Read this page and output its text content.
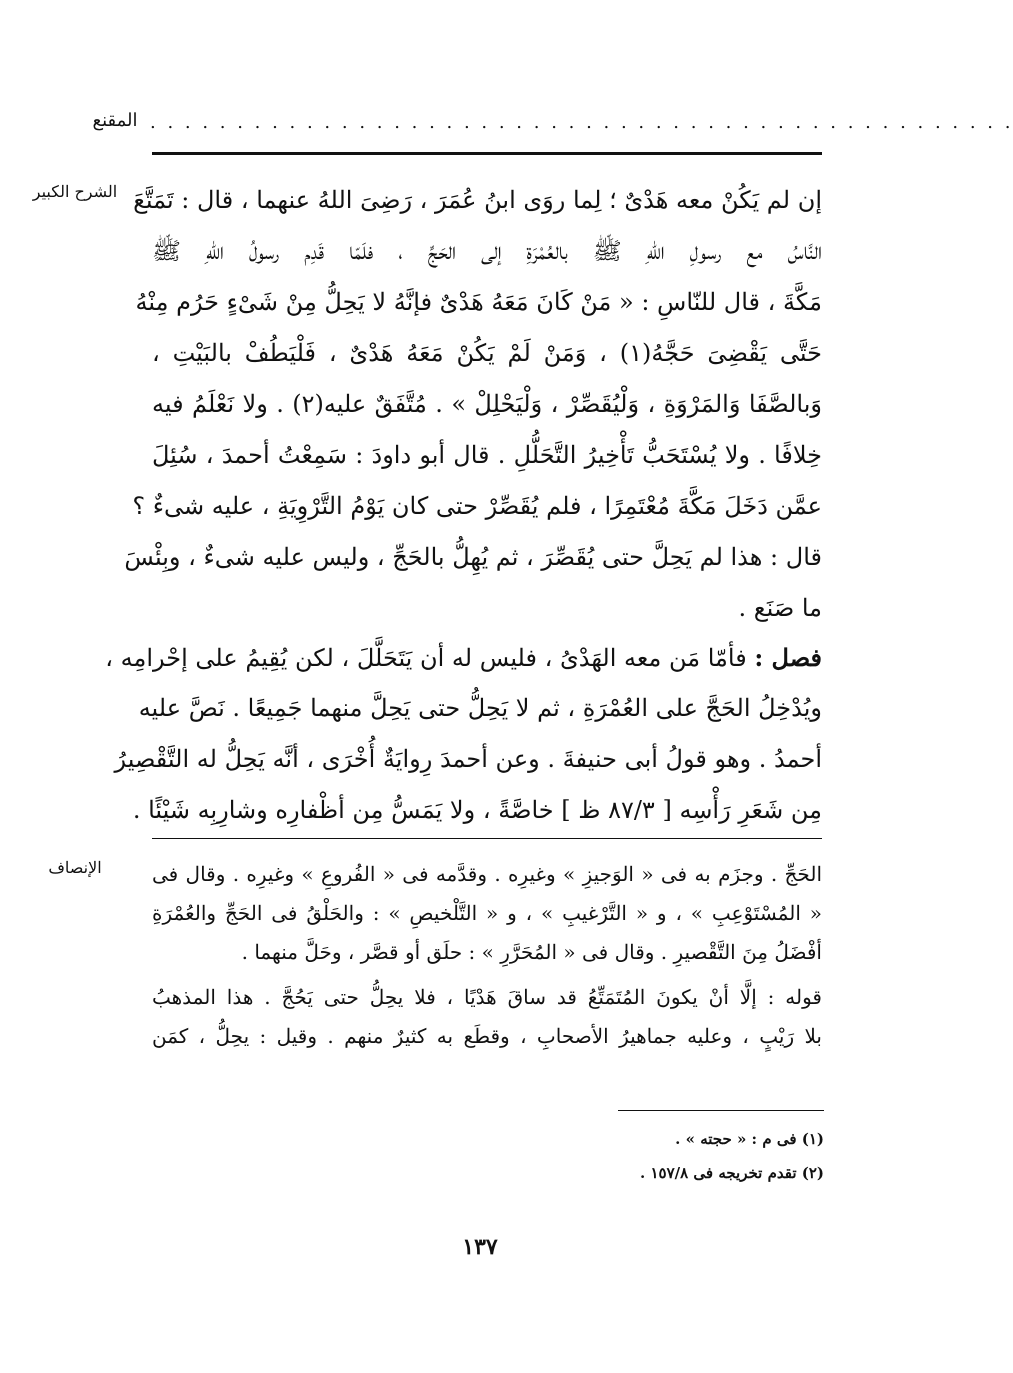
المقنع . . . . . . . . . . . . . . . . . . . . . . . . . . . . . . . . . . . . . . . . . . . . . . . . . .
الشرح الكبير
الإنصاف
إن لم يَكُنْ معه هَدْىٌ ؛ لِما روَى ابنُ عُمَرَ ، رَضِىَ اللهُ عنهما ، قال : تَمَتَّعَ
النَّاسُ مع رسولِ اللهِ ﷺ بالعُمْرَةِ إلى الحَجِّ ، فلَمّا قَدِم رسولُ اللهِ ﷺ
مَكَّةَ ، قال للنّاسِ : « مَنْ كَانَ مَعَهُ هَدْىٌ فإنَّهُ لا يَحِلُّ مِنْ شَىْءٍ حَرُم مِنْهُ
حَتَّى يَقْضِىَ حَجَّهُ(١) ، وَمَنْ لَمْ يَكُنْ مَعَهُ هَدْىٌ ، فَلْيَطُفْ بالبَيْتِ ،
وَبالصَّفَا وَالمَرْوَةِ ، وَلْيُقَصِّرْ ، وَلْيَحْلِلْ » . مُتَّفَقٌ عليه(٢) . ولا نَعْلَمُ فيه
خِلافًا . ولا يُسْتَحَبُّ تَأْخِيرُ التَّحَلُّلِ . قال أبو داودَ : سَمِعْتُ أحمدَ ، سُئِلَ
عمَّن دَخَلَ مَكَّةَ مُعْتَمِرًا ، فلم يُقَصِّرْ حتى كان يَوْمُ التَّرْوِيَةِ ، عليه شىءٌ ؟
قال : هذا لم يَحِلَّ حتى يُقَصِّرَ ، ثم يُهِلُّ بالحَجِّ ، وليس عليه شىءٌ ، وبِئْسَ
ما صَنَع .
فصل : فأمّا مَن معه الهَدْىُ ، فليس له أن يَتَحَلَّلَ ، لكن يُقِيمُ على إحْرامِه ،
ويُدْخِلُ الحَجَّ على العُمْرَةِ ، ثم لا يَحِلُّ حتى يَحِلَّ منهما جَمِيعًا . نَصَّ عليه
أحمدُ . وهو قولُ أبى حنيفةَ . وعن أحمدَ رِوايَةٌ أُخْرَى ، أنَّه يَحِلُّ له التَّقْصِيرُ
مِن شَعَرِ رَأْسِه [ ٨٧/٣ ظ ] خاصَّةً ، ولا يَمَسُّ مِن أظْفارِه وشارِبِه شَيْئًا .
الحَجِّ . وجزَم به فى « الوَجيزِ » وغيرِه . وقدَّمه فى « الفُروعِ » وغيرِه . وقال فى
« المُسْتَوْعِبِ » ، و « التَّرْغيبِ » ، و « التَّلْخيصِ » : والحَلْقُ فى الحَجِّ والعُمْرَةِ
أفْضَلُ مِنَ التَّقْصيرِ . وقال فى « المُحَرَّرِ » : حلَق أو قصَّر ، وحَلَّ منهما .
قوله : إلَّا أنْ يكونَ المُتَمَتِّعُ قد ساقَ هَدْيًا ، فلا يحِلُّ حتى يَحُجَّ . هذا المذهبُ
بلا رَيْبٍ ، وعليه جماهيرُ الأصحابِ ، وقطَع به كثيرٌ منهم . وقيل : يحِلُّ ، كمَن
(١) فى م : « حجته » .
(٢) تقدم تخريجه فى ١٥٧/٨ .
١٣٧
